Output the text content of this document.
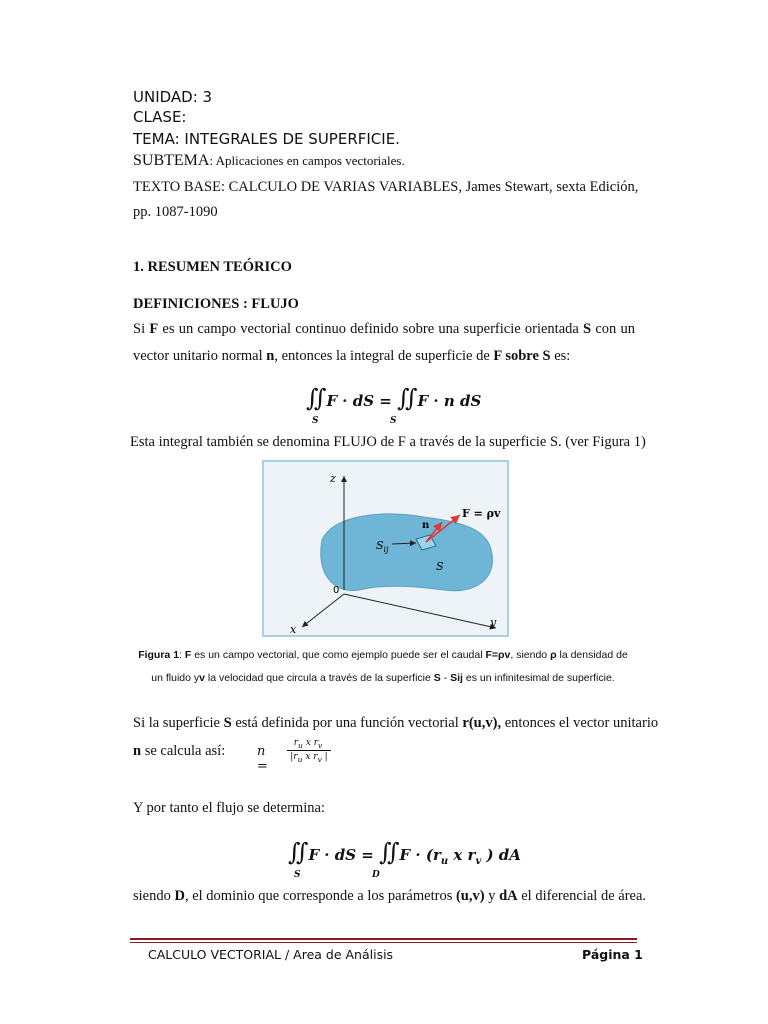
UNIDAD: 3
CLASE:
TEMA: INTEGRALES DE SUPERFICIE.
SUBTEMA: Aplicaciones en campos vectoriales.
TEXTO BASE: CALCULO DE VARIAS VARIABLES, James Stewart, sexta Edición,
pp. 1087-1090
1. RESUMEN TEÓRICO
DEFINICIONES : FLUJO
Si F es un campo vectorial continuo definido sobre una superficie orientada S con un
vector unitario normal n, entonces la integral de superficie de F sobre S es:
∬F · dS = ∬F · n dS
S	S
Esta integral también se denomina FLUJO de F a través de la superficie S. (ver Figura 1)
z
x
y
0
n
F = ρv
$S_{ij}$
S
Figura 1: F es un campo vectorial, que como ejemplo puede ser el caudal F=ρv, siendo ρ la densidad de
un fluido yv la velocidad que circula a través de la superficie S - Sij es un infinitesimal de superficie.
Si la superficie S está definida por una función vectorial r(u,v), entonces el vector unitario
n se calcula así: n =
$r_u$ x $r_v$
$|r_u$ x $r_v$ |
Y por tanto el flujo se determina:
∬F · dS = ∬F · ($r_u$ x $r_v$ ) dA
S	D
siendo D, el dominio que corresponde a los parámetros (u,v) y dA el diferencial de área.
CALCULO VECTORIAL / Area de Análisis	Página 1
